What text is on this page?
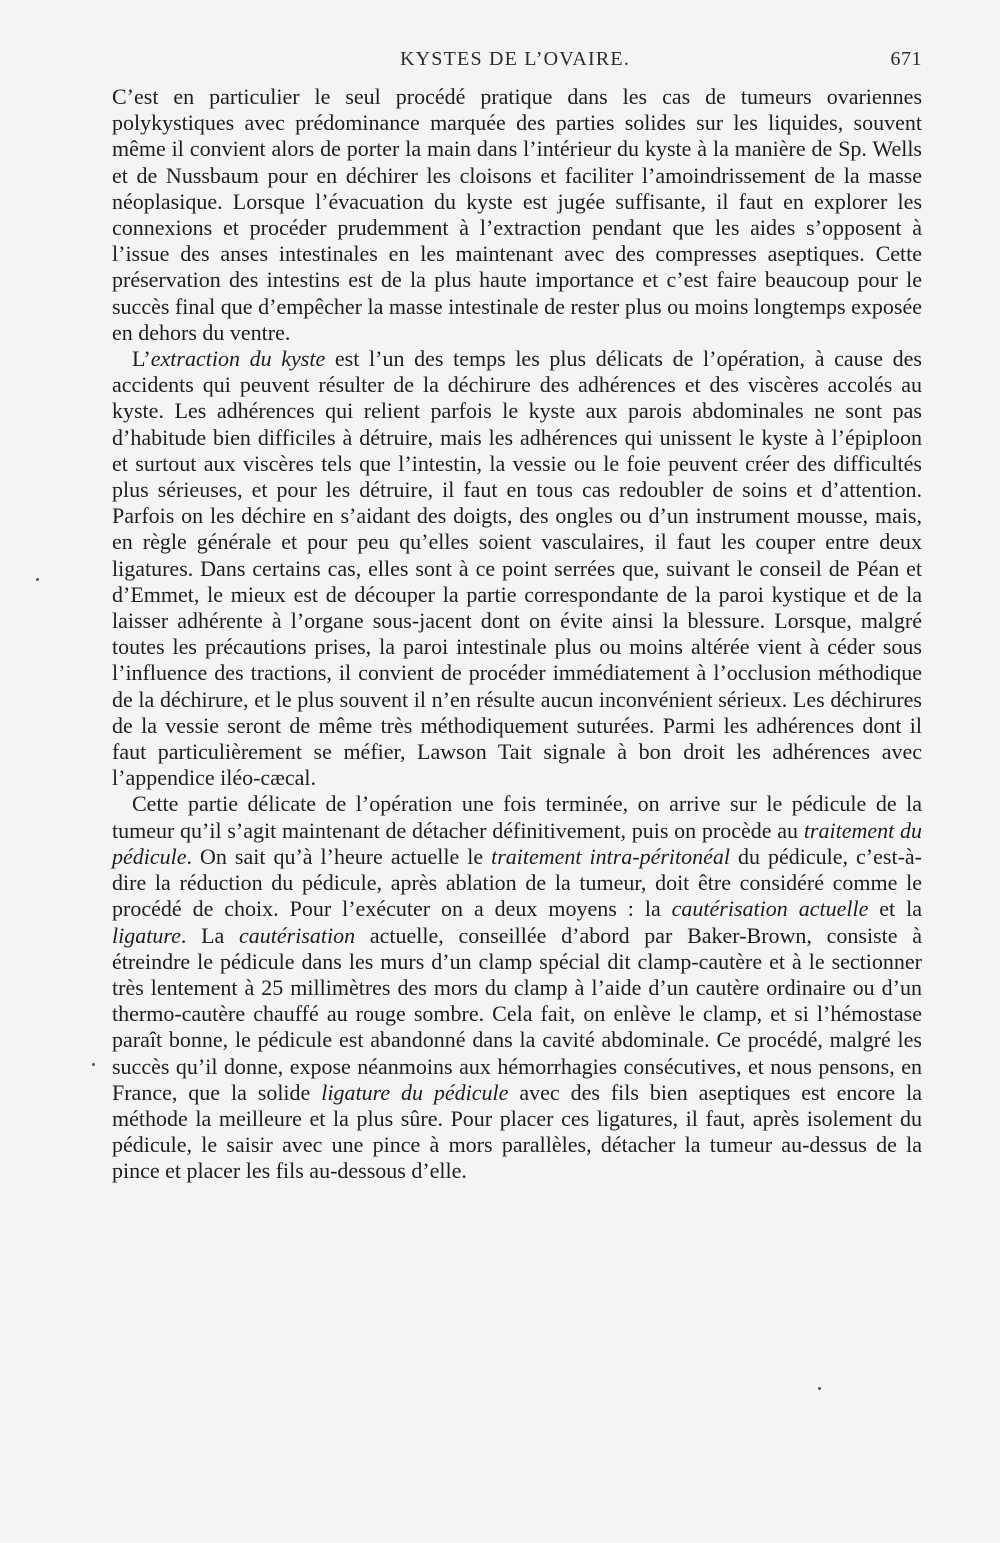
KYSTES DE L’OVAIRE.	671

C’est en particulier le seul procédé pratique dans les cas de tumeurs ovariennes polykystiques avec prédominance marquée des parties solides sur les liquides, souvent même il convient alors de porter la main dans l’intérieur du kyste à la manière de Sp. Wells et de Nussbaum pour en déchirer les cloisons et faciliter l’amoindrissement de la masse néoplasique. Lorsque l’évacuation du kyste est jugée suffisante, il faut en explorer les connexions et procéder prudemment à l’extraction pendant que les aides s’opposent à l’issue des anses intestinales en les maintenant avec des compresses aseptiques. Cette préservation des intestins est de la plus haute importance et c’est faire beaucoup pour le succès final que d’empêcher la masse intestinale de rester plus ou moins longtemps exposée en dehors du ventre.

L’extraction du kyste est l’un des temps les plus délicats de l’opération, à cause des accidents qui peuvent résulter de la déchirure des adhérences et des viscères accolés au kyste. Les adhérences qui relient parfois le kyste aux parois abdominales ne sont pas d’habitude bien difficiles à détruire, mais les adhérences qui unissent le kyste à l’épiploon et surtout aux viscères tels que l’intestin, la vessie ou le foie peuvent créer des difficultés plus sérieuses, et pour les détruire, il faut en tous cas redoubler de soins et d’attention. Parfois on les déchire en s’aidant des doigts, des ongles ou d’un instrument mousse, mais, en règle générale et pour peu qu’elles soient vasculaires, il faut les couper entre deux ligatures. Dans certains cas, elles sont à ce point serrées que, suivant le conseil de Péan et d’Emmet, le mieux est de découper la partie correspondante de la paroi kystique et de la laisser adhérente à l’organe sous-jacent dont on évite ainsi la blessure. Lorsque, malgré toutes les précautions prises, la paroi intestinale plus ou moins altérée vient à céder sous l’influence des tractions, il convient de procéder immédiatement à l’occlusion méthodique de la déchirure, et le plus souvent il n’en résulte aucun inconvénient sérieux. Les déchirures de la vessie seront de même très méthodiquement suturées. Parmi les adhérences dont il faut particulièrement se méfier, Lawson Tait signale à bon droit les adhérences avec l’appendice iléo-cæcal.

Cette partie délicate de l’opération une fois terminée, on arrive sur le pédicule de la tumeur qu’il s’agit maintenant de détacher définitivement, puis on procède au traitement du pédicule. On sait qu’à l’heure actuelle le traitement intra-péritonéal du pédicule, c’est-à-dire la réduction du pédicule, après ablation de la tumeur, doit être considéré comme le procédé de choix. Pour l’exécuter on a deux moyens : la cautérisation actuelle et la ligature. La cautérisation actuelle, conseillée d’abord par Baker-Brown, consiste à étreindre le pédicule dans les murs d’un clamp spécial dit clamp-cautère et à le sectionner très lentement à 25 millimètres des mors du clamp à l’aide d’un cautère ordinaire ou d’un thermo-cautère chauffé au rouge sombre. Cela fait, on enlève le clamp, et si l’hémostase paraît bonne, le pédicule est abandonné dans la cavité abdominale. Ce procédé, malgré les succès qu’il donne, expose néanmoins aux hémorrhagies consécutives, et nous pensons, en France, que la solide ligature du pédicule avec des fils bien aseptiques est encore la méthode la meilleure et la plus sûre. Pour placer ces ligatures, il faut, après isolement du pédicule, le saisir avec une pince à mors parallèles, détacher la tumeur au-dessus de la pince et placer les fils au-dessous d’elle.
